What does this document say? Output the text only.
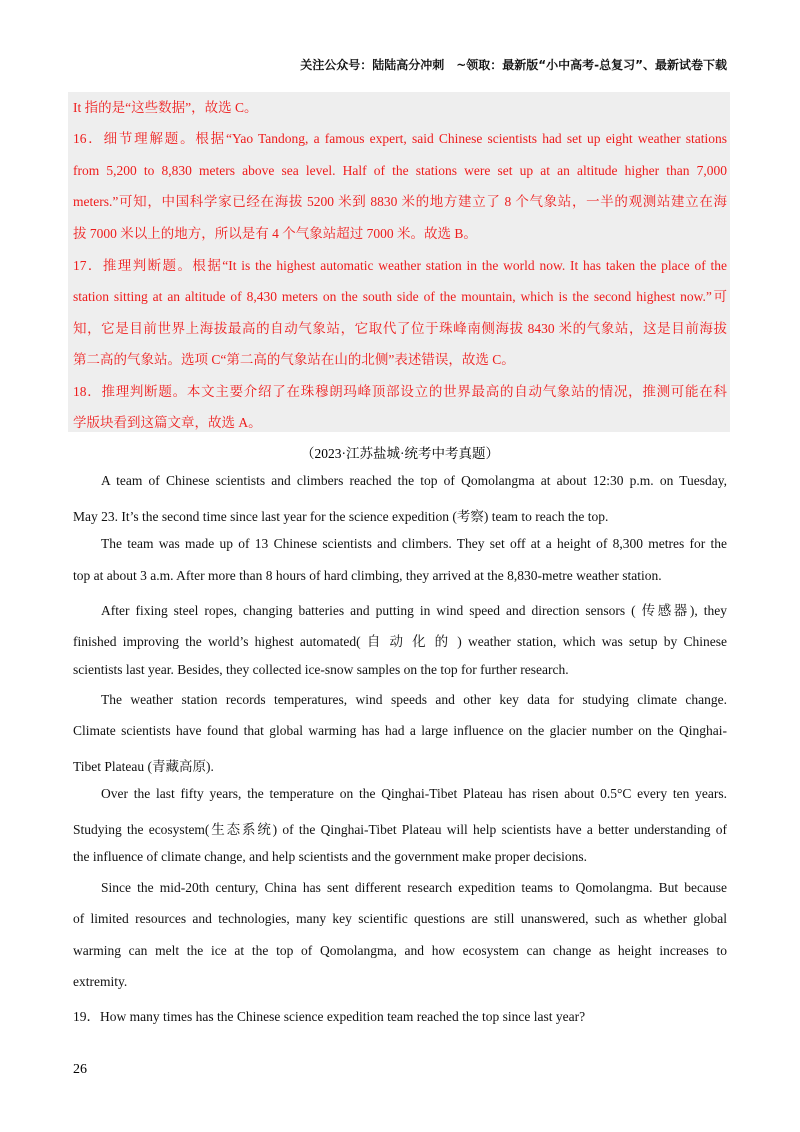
关注公众号：陆陆高分冲刺　~领取：最新版“小中高考-总复习”、最新试卷下载
It 指的是“这些数据”，故选 C。
16．细节理解题。根据“Yao Tandong, a famous expert, said Chinese scientists had set up eight weather stations
from 5,200 to 8,830 meters above sea level. Half of the stations were set up at an altitude higher than 7,000
meters.”可知，中国科学家已经在海拔 5200 米到 8830 米的地方建立了 8 个气象站，一半的观测站建立在海
拔 7000 米以上的地方，所以是有 4 个气象站超过 7000 米。故选 B。
17．推理判断题。根据“It is the highest automatic weather station in the world now. It has taken the place of the
station sitting at an altitude of 8,430 meters on the south side of the mountain, which is the second highest now.”可
知，它是目前世界上海拔最高的自动气象站，它取代了位于珠峰南侧海拔 8430 米的气象站，这是目前海拔
第二高的气象站。选项 C“第二高的气象站在山的北侧”表述错误，故选 C。
18．推理判断题。本文主要介绍了在珠穆朗玛峰顶部设立的世界最高的自动气象站的情况，推测可能在科
学版块看到这篇文章，故选 A。
（2023·江苏盐城·统考中考真题）
A team of Chinese scientists and climbers reached the top of Qomolangma at about 12:30 p.m. on Tuesday,
May 23. It’s the second time since last year for the science expedition (考察) team to reach the top.
The team was made up of 13 Chinese scientists and climbers. They set off at a height of 8,300 metres for the
top at about 3 a.m. After more than 8 hours of hard climbing, they arrived at the 8,830-metre weather station.
After fixing steel ropes, changing batteries and putting in wind speed and direction sensors ( 传感器), they
finished improving the world’s highest automated( 自 动 化 的 ) weather station, which was setup by Chinese
scientists last year. Besides, they collected ice-snow samples on the top for further research.
The weather station records temperatures, wind speeds and other key data for studying climate change.
Climate scientists have found that global warming has had a large influence on the glacier number on the Qinghai-
Tibet Plateau (青藏高原).
Over the last fifty years, the temperature on the Qinghai-Tibet Plateau has risen about 0.5°C every ten years.
Studying the ecosystem(生态系统) of the Qinghai-Tibet Plateau will help scientists have a better understanding of
the influence of climate change, and help scientists and the government make proper decisions.
Since the mid-20th century, China has sent different research expedition teams to Qomolangma. But because
of limited resources and technologies, many key scientific questions are still unanswered, such as whether global
warming can melt the ice at the top of Qomolangma, and how ecosystem can change as height increases to
extremity.
19．How many times has the Chinese science expedition team reached the top since last year?
26
